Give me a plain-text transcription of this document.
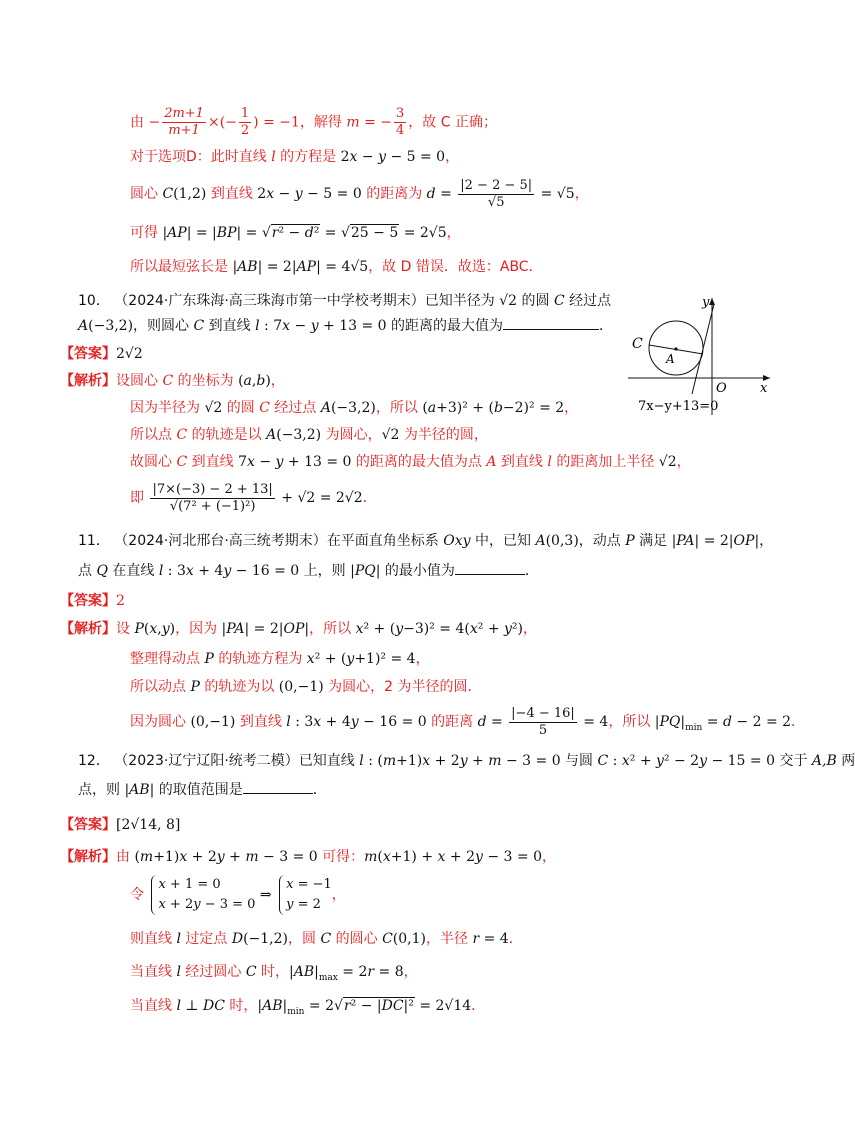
由 − $\frac{2m+1}{m+1}$ ×(− $\frac{1}{2}$ ) = −1，解得 m = − $\frac{3}{4}$ ，故 C 正确；
对于选项D：此时直线 l 的方程是 2x − y − 5 = 0，
圆心 C(1,2) 到直线 2x − y − 5 = 0 的距离为 $d = \frac{|2 - 2 - 5|}{√5} = √5$，
可得 |AP| = |BP| = √r² − d² = √25 − 5 = 2√5，
所以最短弦长是 |AB| = 2|AP| = 4√5，故 D 错误．故选：ABC．
10． （2024·广东珠海·高三珠海市第一中学校考期末）已知半径为 √2 的圆 C 经过点
A(−3,2)，则圆心 C 到直线 l : 7x − y + 13 = 0 的距离的最大值为	．
【答案】2√2
【解析】设圆心 C 的坐标为 (a,b)，
因为半径为 √2 的圆 C 经过点 A(−3,2)，所以 (a+3)² + (b−2)² = 2，
所以点 C 的轨迹是以 A(−3,2) 为圆心，√2 为半径的圆，
故圆心 C 到直线 7x − y + 13 = 0 的距离的最大值为点 A 到直线 l 的距离加上半径 √2，
即 $\frac{|7\times(-3) - 2 + 13|}{\text{√(7² + (−1)²)}} + √2 = 2√2$．
y
x
O
C
A
7x−y+13=0
11． （2024·河北邢台·高三统考期末）在平面直角坐标系 Oxy 中，已知 A(0,3)，动点 P 满足 |PA| = 2|OP|，
点 Q 在直线 l : 3x + 4y − 16 = 0 上，则 |PQ| 的最小值为	．
【答案】2
【解析】设 P(x,y)，因为 |PA| = 2|OP|，所以 x² + (y−3)² = 4(x² + y²)，
整理得动点 P 的轨迹方程为 x² + (y+1)² = 4，
所以动点 P 的轨迹为以 (0,−1) 为圆心，2 为半径的圆．
因为圆心 (0,−1) 到直线 l : 3x + 4y − 16 = 0 的距离 $d = \frac{|-4 - 16|}{5} = 4$，所以 $|PQ|_{min} = d - 2 = 2$．
12． （2023·辽宁辽阳·统考二模）已知直线 l : (m+1)x + 2y + m − 3 = 0 与圆 C : x² + y² − 2y − 15 = 0 交于 A,B 两
点，则 |AB| 的取值范围是	．
【答案】[2√14, 8]
【解析】由 (m+1)x + 2y + m − 3 = 0 可得：m(x+1) + x + 2y − 3 = 0，
令
x + 1 = 0
x + 2y − 3 = 0
⇒
x = −1
y = 2
，
则直线 l 过定点 D(−1,2)，圆 C 的圆心 C(0,1)，半径 r = 4．
当直线 l 经过圆心 C 时，$|AB|_{max} = 2r = 8$，
当直线 l ⊥ DC 时，$|AB|_{min} = 2√r^2 - |DC|^2 = 2√14$．
